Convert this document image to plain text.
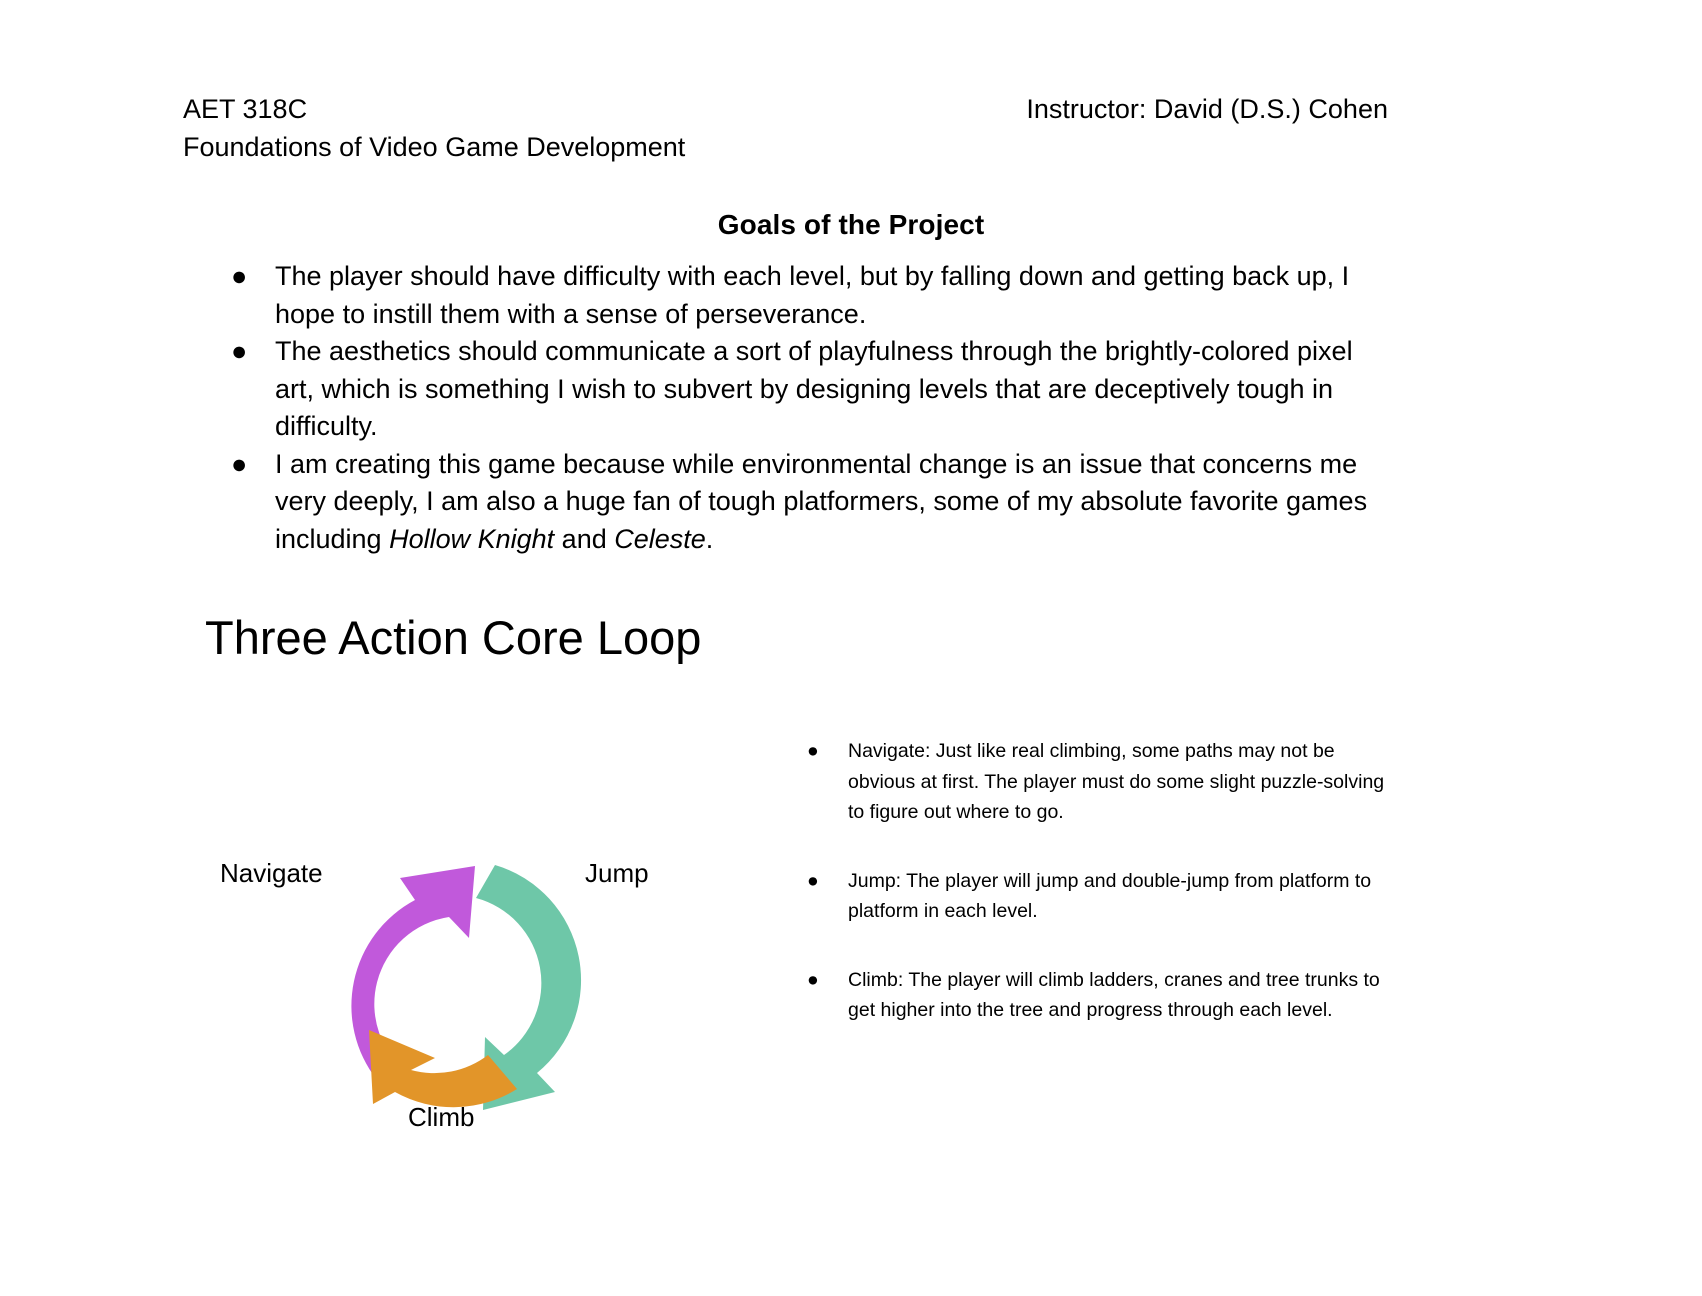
AET 318C	Instructor: David (D.S.) Cohen
Foundations of Video Game Development
Goals of the Project
● The player should have difficulty with each level, but by falling down and getting back up, I hope to instill them with a sense of perseverance.
● The aesthetics should communicate a sort of playfulness through the brightly-colored pixel art, which is something I wish to subvert by designing levels that are deceptively tough in difficulty.
● I am creating this game because while environmental change is an issue that concerns me very deeply, I am also a huge fan of tough platformers, some of my absolute favorite games including Hollow Knight and Celeste.
Three Action Core Loop
Navigate	Jump
Climb
● Navigate: Just like real climbing, some paths may not be obvious at first. The player must do some slight puzzle-solving to figure out where to go.
● Jump: The player will jump and double-jump from platform to platform in each level.
● Climb: The player will climb ladders, cranes and tree trunks to get higher into the tree and progress through each level.
